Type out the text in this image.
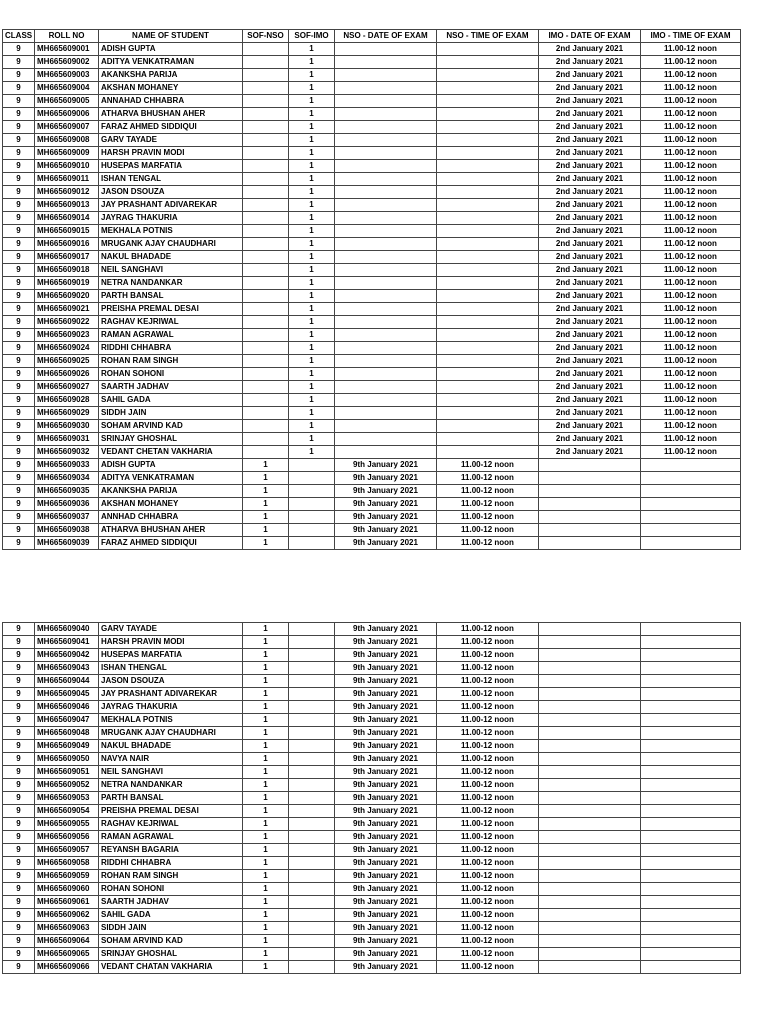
CLASS	ROLL NO	NAME OF STUDENT	SOF-NSO	SOF-IMO	NSO - DATE OF EXAM	NSO - TIME OF EXAM	IMO - DATE OF EXAM	IMO - TIME OF EXAM
9	MH665609001	ADISH GUPTA		1			2nd January 2021	11.00-12 noon
9	MH665609002	ADITYA VENKATRAMAN		1			2nd January 2021	11.00-12 noon
9	MH665609003	AKANKSHA PARIJA		1			2nd January 2021	11.00-12 noon
9	MH665609004	AKSHAN MOHANEY		1			2nd January 2021	11.00-12 noon
9	MH665609005	ANNAHAD CHHABRA		1			2nd January 2021	11.00-12 noon
9	MH665609006	ATHARVA BHUSHAN AHER		1			2nd January 2021	11.00-12 noon
9	MH665609007	FARAZ AHMED SIDDIQUI		1			2nd January 2021	11.00-12 noon
9	MH665609008	GARV TAYADE		1			2nd January 2021	11.00-12 noon
9	MH665609009	HARSH PRAVIN MODI		1			2nd January 2021	11.00-12 noon
9	MH665609010	HUSEPAS MARFATIA		1			2nd January 2021	11.00-12 noon
9	MH665609011	ISHAN TENGAL		1			2nd January 2021	11.00-12 noon
9	MH665609012	JASON DSOUZA		1			2nd January 2021	11.00-12 noon
9	MH665609013	JAY PRASHANT ADIVAREKAR		1			2nd January 2021	11.00-12 noon
9	MH665609014	JAYRAG THAKURIA		1			2nd January 2021	11.00-12 noon
9	MH665609015	MEKHALA POTNIS		1			2nd January 2021	11.00-12 noon
9	MH665609016	MRUGANK AJAY CHAUDHARI		1			2nd January 2021	11.00-12 noon
9	MH665609017	NAKUL BHADADE		1			2nd January 2021	11.00-12 noon
9	MH665609018	NEIL SANGHAVI		1			2nd January 2021	11.00-12 noon
9	MH665609019	NETRA NANDANKAR		1			2nd January 2021	11.00-12 noon
9	MH665609020	PARTH BANSAL		1			2nd January 2021	11.00-12 noon
9	MH665609021	PREISHA PREMAL DESAI		1			2nd January 2021	11.00-12 noon
9	MH665609022	RAGHAV KEJRIWAL		1			2nd January 2021	11.00-12 noon
9	MH665609023	RAMAN AGRAWAL		1			2nd January 2021	11.00-12 noon
9	MH665609024	RIDDHI CHHABRA		1			2nd January 2021	11.00-12 noon
9	MH665609025	ROHAN RAM SINGH		1			2nd January 2021	11.00-12 noon
9	MH665609026	ROHAN SOHONI		1			2nd January 2021	11.00-12 noon
9	MH665609027	SAARTH JADHAV		1			2nd January 2021	11.00-12 noon
9	MH665609028	SAHIL GADA		1			2nd January 2021	11.00-12 noon
9	MH665609029	SIDDH JAIN		1			2nd January 2021	11.00-12 noon
9	MH665609030	SOHAM ARVIND KAD		1			2nd January 2021	11.00-12 noon
9	MH665609031	SRINJAY GHOSHAL		1			2nd January 2021	11.00-12 noon
9	MH665609032	VEDANT CHETAN VAKHARIA		1			2nd January 2021	11.00-12 noon
9	MH665609033	ADISH GUPTA	1		9th January 2021	11.00-12 noon		
9	MH665609034	ADITYA VENKATRAMAN	1		9th January 2021	11.00-12 noon		
9	MH665609035	AKANKSHA PARIJA	1		9th January 2021	11.00-12 noon		
9	MH665609036	AKSHAN MOHANEY	1		9th January 2021	11.00-12 noon		
9	MH665609037	ANNHAD CHHABRA	1		9th January 2021	11.00-12 noon		
9	MH665609038	ATHARVA BHUSHAN AHER	1		9th January 2021	11.00-12 noon		
9	MH665609039	FARAZ AHMED SIDDIQUI	1		9th January 2021	11.00-12 noon		
9	MH665609040	GARV TAYADE	1		9th January 2021	11.00-12 noon		
9	MH665609041	HARSH PRAVIN MODI	1		9th January 2021	11.00-12 noon		
9	MH665609042	HUSEPAS MARFATIA	1		9th January 2021	11.00-12 noon		
9	MH665609043	ISHAN THENGAL	1		9th January 2021	11.00-12 noon		
9	MH665609044	JASON DSOUZA	1		9th January 2021	11.00-12 noon		
9	MH665609045	JAY PRASHANT ADIVAREKAR	1		9th January 2021	11.00-12 noon		
9	MH665609046	JAYRAG THAKURIA	1		9th January 2021	11.00-12 noon		
9	MH665609047	MEKHALA POTNIS	1		9th January 2021	11.00-12 noon		
9	MH665609048	MRUGANK AJAY CHAUDHARI	1		9th January 2021	11.00-12 noon		
9	MH665609049	NAKUL BHADADE	1		9th January 2021	11.00-12 noon		
9	MH665609050	NAVYA NAIR	1		9th January 2021	11.00-12 noon		
9	MH665609051	NEIL SANGHAVI	1		9th January 2021	11.00-12 noon		
9	MH665609052	NETRA NANDANKAR	1		9th January 2021	11.00-12 noon		
9	MH665609053	PARTH BANSAL	1		9th January 2021	11.00-12 noon		
9	MH665609054	PREISHA PREMAL DESAI	1		9th January 2021	11.00-12 noon		
9	MH665609055	RAGHAV KEJRIWAL	1		9th January 2021	11.00-12 noon		
9	MH665609056	RAMAN AGRAWAL	1		9th January 2021	11.00-12 noon		
9	MH665609057	REYANSH BAGARIA	1		9th January 2021	11.00-12 noon		
9	MH665609058	RIDDHI CHHABRA	1		9th January 2021	11.00-12 noon		
9	MH665609059	ROHAN RAM SINGH	1		9th January 2021	11.00-12 noon		
9	MH665609060	ROHAN SOHONI	1		9th January 2021	11.00-12 noon		
9	MH665609061	SAARTH JADHAV	1		9th January 2021	11.00-12 noon		
9	MH665609062	SAHIL GADA	1		9th January 2021	11.00-12 noon		
9	MH665609063	SIDDH JAIN	1		9th January 2021	11.00-12 noon		
9	MH665609064	SOHAM ARVIND KAD	1		9th January 2021	11.00-12 noon		
9	MH665609065	SRINJAY GHOSHAL	1		9th January 2021	11.00-12 noon		
9	MH665609066	VEDANT CHATAN VAKHARIA	1		9th January 2021	11.00-12 noon		
